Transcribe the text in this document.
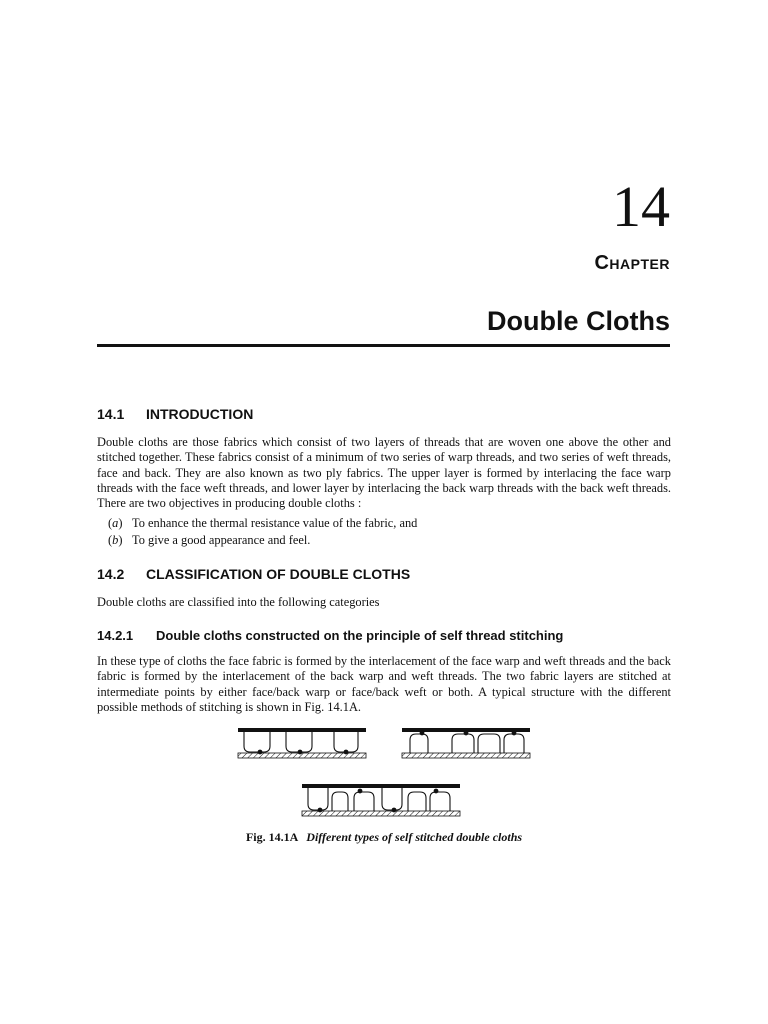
14
Chapter
Double Cloths
14.1 INTRODUCTION
Double cloths are those fabrics which consist of two layers of threads that are woven one above the other and stitched together. These fabrics consist of a minimum of two series of warp threads, and two series of weft threads, face and back. They are also known as two ply fabrics. The upper layer is formed by interlacing the face warp threads with the face weft threads, and lower layer by interlacing the back warp threads with the back weft threads. There are two objectives in producing double cloths :
(a) To enhance the thermal resistance value of the fabric, and
(b) To give a good appearance and feel.
14.2 CLASSIFICATION OF DOUBLE CLOTHS
Double cloths are classified into the following categories
14.2.1 Double cloths constructed on the principle of self thread stitching
In these type of cloths the face fabric is formed by the interlacement of the face warp and weft threads and the back fabric is formed by the interlacement of the back warp and weft threads. The two fabric layers are stitched at intermediate points by either face/back warp or face/back weft or both. A typical structure with the different possible methods of stitching is shown in Fig. 14.1A.
Fig. 14.1A Different types of self stitched double cloths
